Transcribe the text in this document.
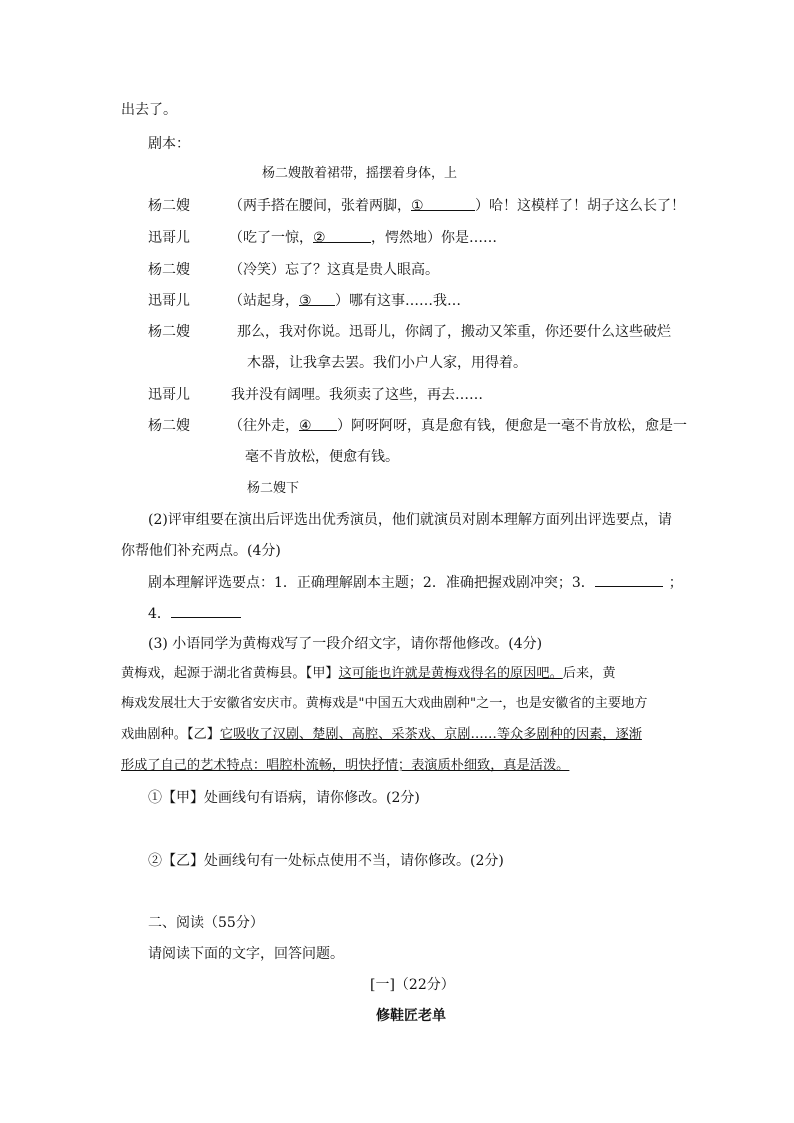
出去了。
剧本：
杨二嫂散着裙带，摇摆着身体，上
杨二嫂	（两手搭在腰间，张着两脚，①	）哈！这模样了！胡子这么长了！
迅哥儿	（吃了一惊，②	，愕然地）你是……
杨二嫂	（冷笑）忘了？这真是贵人眼高。
迅哥儿	（站起身，③ ）哪有这事……我…
杨二嫂	那么，我对你说。迅哥儿，你阔了，搬动又笨重，你还要什么这些破烂
木器，让我拿去罢。我们小户人家，用得着。
迅哥儿	我并没有阔哩。我须卖了这些，再去……
杨二嫂	（往外走，④ ）阿呀阿呀，真是愈有钱，便愈是一毫不肯放松，愈是一
毫不肯放松，便愈有钱。
杨二嫂下
(2)评审组要在演出后评选出优秀演员，他们就演员对剧本理解方面列出评选要点，请
你帮他们补充两点。(4分)
剧本理解评选要点：1．正确理解剧本主题；2．准确把握戏剧冲突；3．	；
4．
(3) 小语同学为黄梅戏写了一段介绍文字，请你帮他修改。(4分)
黄梅戏，起源于湖北省黄梅县。【甲】这可能也许就是黄梅戏得名的原因吧。后来，黄
梅戏发展壮大于安徽省安庆市。黄梅戏是"中国五大戏曲剧种"之一，也是安徽省的主要地方
戏曲剧种。【乙】它吸收了汉剧、楚剧、高腔、采茶戏、京剧……等众多剧种的因素，逐渐
形成了自己的艺术特点：唱腔朴流畅，明快抒情；表演质朴细致，真是活泼。
①【甲】处画线句有语病，请你修改。(2分)
②【乙】处画线句有一处标点使用不当，请你修改。(2分)
二、阅读（55分）
请阅读下面的文字，回答问题。
[一]（22分）
修鞋匠老单
